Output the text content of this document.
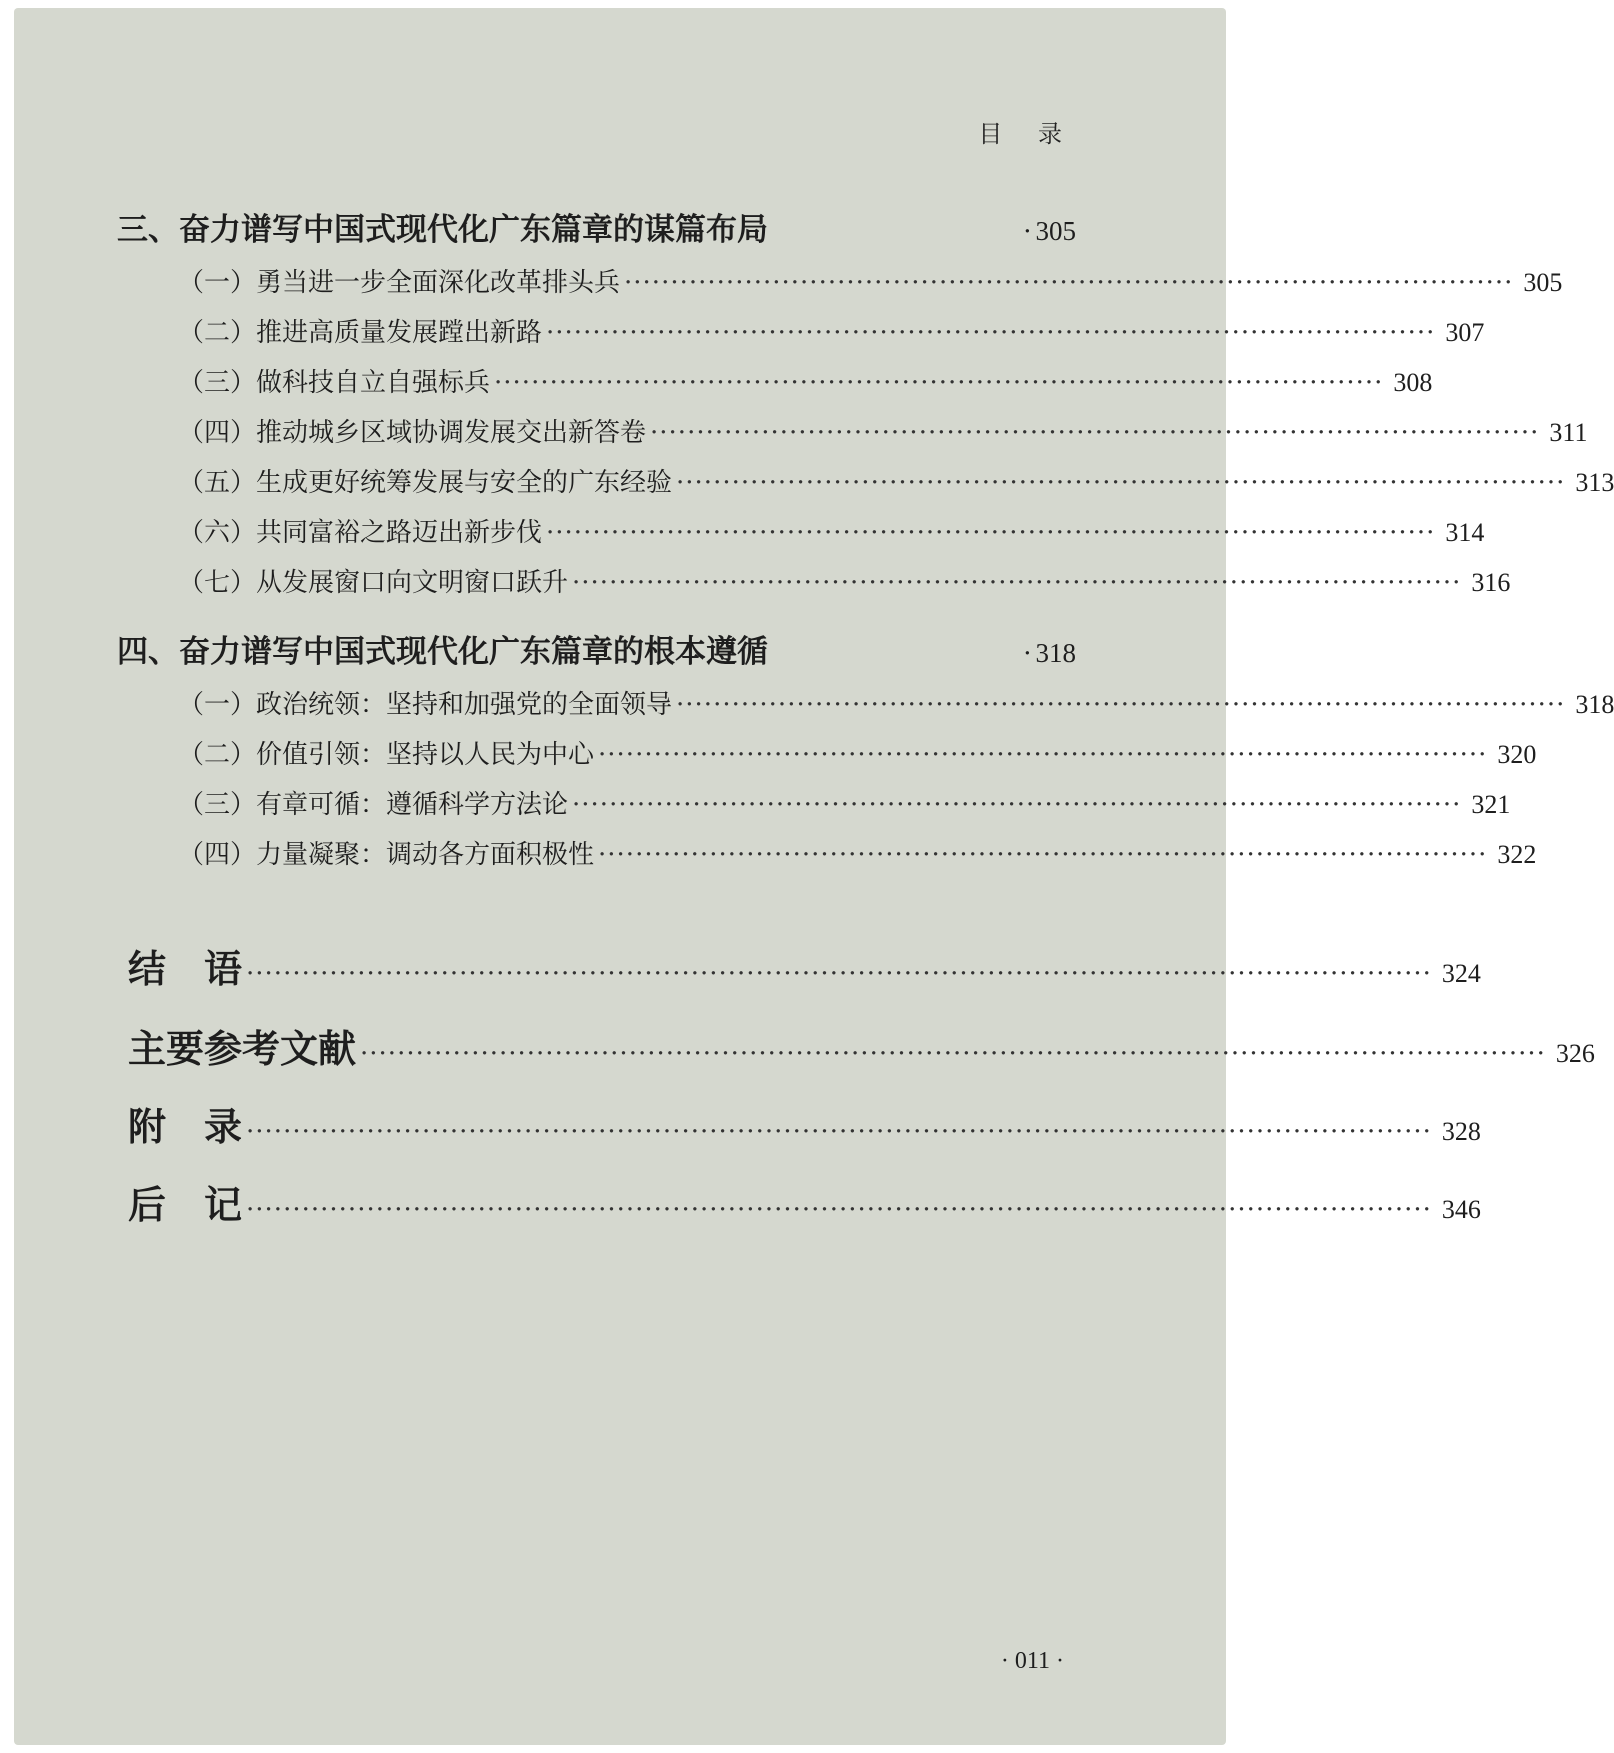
目 录
三、奋力谱写中国式现代化广东篇章的谋篇布局	· 305
（一）勇当进一步全面深化改革排头兵 ································································································ 305
（二）推进高质量发展蹚出新路 ································································································ 307
（三）做科技自立自强标兵 ································································································ 308
（四）推动城乡区域协调发展交出新答卷 ································································································ 311
（五）生成更好统筹发展与安全的广东经验 ································································································ 313
（六）共同富裕之路迈出新步伐 ································································································ 314
（七）从发展窗口向文明窗口跃升 ································································································ 316
四、奋力谱写中国式现代化广东篇章的根本遵循	· 318
（一）政治统领：坚持和加强党的全面领导 ································································································ 318
（二）价值引领：坚持以人民为中心 ································································································ 320
（三）有章可循：遵循科学方法论 ································································································ 321
（四）力量凝聚：调动各方面积极性 ································································································ 322
结　语 ································································································································ 324
主要参考文献 ································································································································ 326
附　录 ································································································································ 328
后　记 ································································································································ 346
· 011 ·
